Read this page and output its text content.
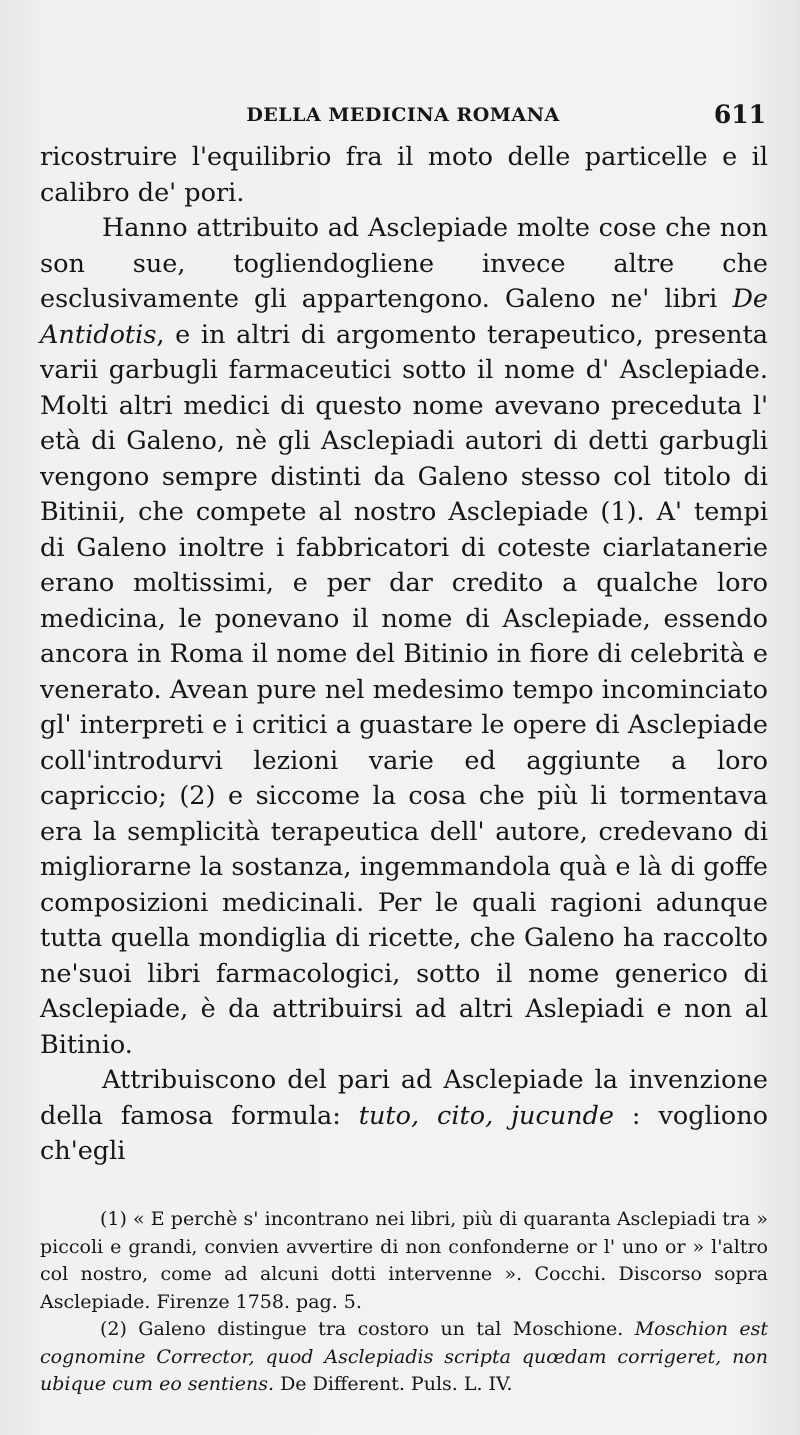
DELLA MEDICINA ROMANA	611

ricostruire l'equilibrio fra il moto delle particelle e il calibro de' pori.

Hanno attribuito ad Asclepiade molte cose che non son sue, togliendogliene invece altre che esclusivamente gli appartengono. Galeno ne' libri De Antidotis, e in altri di argomento terapeutico, presenta varii garbugli farmaceutici sotto il nome d' Asclepiade. Molti altri medici di questo nome avevano preceduta l' età di Galeno, nè gli Asclepiadi autori di detti garbugli vengono sempre distinti da Galeno stesso col titolo di Bitinii, che compete al nostro Asclepiade (1). A' tempi di Galeno inoltre i fabbricatori di coteste ciarlatanerie erano moltissimi, e per dar credito a qualche loro medicina, le ponevano il nome di Asclepiade, essendo ancora in Roma il nome del Bitinio in fiore di celebrità e venerato. Avean pure nel medesimo tempo incominciato gl' interpreti e i critici a guastare le opere di Asclepiade coll'introdurvi lezioni varie ed aggiunte a loro capriccio; (2) e siccome la cosa che più li tormentava era la semplicità terapeutica dell' autore, credevano di migliorarne la sostanza, ingemmandola quà e là di goffe composizioni medicinali. Per le quali ragioni adunque tutta quella mondiglia di ricette, che Galeno ha raccolto ne'suoi libri farmacologici, sotto il nome generico di Asclepiade, è da attribuirsi ad altri Aslepiadi e non al Bitinio.

Attribuiscono del pari ad Asclepiade la invenzione della famosa formula: tuto, cito, jucunde : vogliono ch'egli

(1) « E perchè s' incontrano nei libri, più di quaranta Asclepiadi tra » piccoli e grandi, convien avvertire di non confonderne or l' uno or » l'altro col nostro, come ad alcuni dotti intervenne ». Cocchi. Discorso sopra Asclepiade. Firenze 1758. pag. 5.

(2) Galeno distingue tra costoro un tal Moschione. Moschion est cognomine Corrector, quod Asclepiadis scripta quœdam corrigeret, non ubique cum eo sentiens. De Different. Puls. L. IV.
